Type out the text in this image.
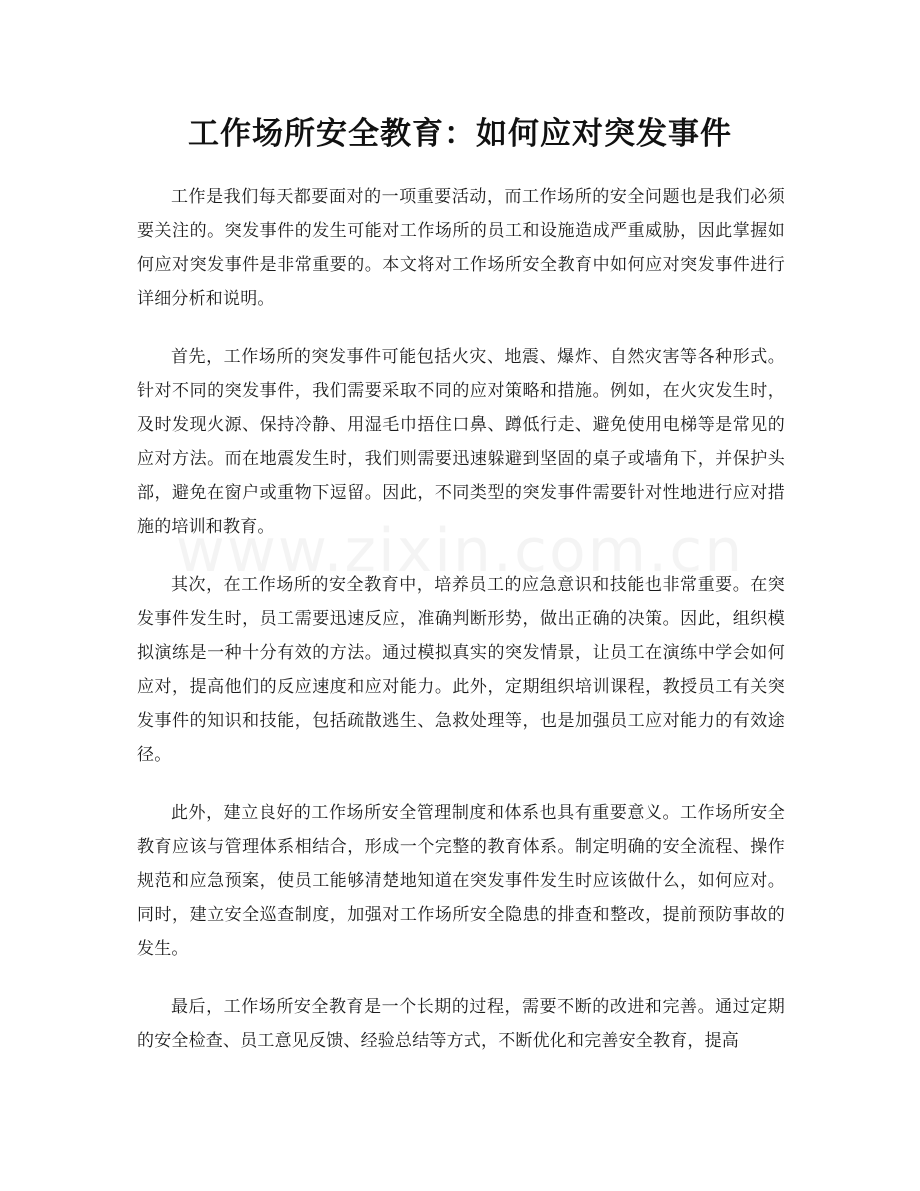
工作场所安全教育：如何应对突发事件

工作是我们每天都要面对的一项重要活动，而工作场所的安全问题也是我们必须要关注的。突发事件的发生可能对工作场所的员工和设施造成严重威胁，因此掌握如何应对突发事件是非常重要的。本文将对工作场所安全教育中如何应对突发事件进行详细分析和说明。

首先，工作场所的突发事件可能包括火灾、地震、爆炸、自然灾害等各种形式。针对不同的突发事件，我们需要采取不同的应对策略和措施。例如，在火灾发生时，及时发现火源、保持冷静、用湿毛巾捂住口鼻、蹲低行走、避免使用电梯等是常见的应对方法。而在地震发生时，我们则需要迅速躲避到坚固的桌子或墙角下，并保护头部，避免在窗户或重物下逗留。因此，不同类型的突发事件需要针对性地进行应对措施的培训和教育。

其次，在工作场所的安全教育中，培养员工的应急意识和技能也非常重要。在突发事件发生时，员工需要迅速反应，准确判断形势，做出正确的决策。因此，组织模拟演练是一种十分有效的方法。通过模拟真实的突发情景，让员工在演练中学会如何应对，提高他们的反应速度和应对能力。此外，定期组织培训课程，教授员工有关突发事件的知识和技能，包括疏散逃生、急救处理等，也是加强员工应对能力的有效途径。

此外，建立良好的工作场所安全管理制度和体系也具有重要意义。工作场所安全教育应该与管理体系相结合，形成一个完整的教育体系。制定明确的安全流程、操作规范和应急预案，使员工能够清楚地知道在突发事件发生时应该做什么，如何应对。同时，建立安全巡查制度，加强对工作场所安全隐患的排查和整改，提前预防事故的发生。

最后，工作场所安全教育是一个长期的过程，需要不断的改进和完善。通过定期的安全检查、员工意见反馈、经验总结等方式，不断优化和完善安全教育，提高
